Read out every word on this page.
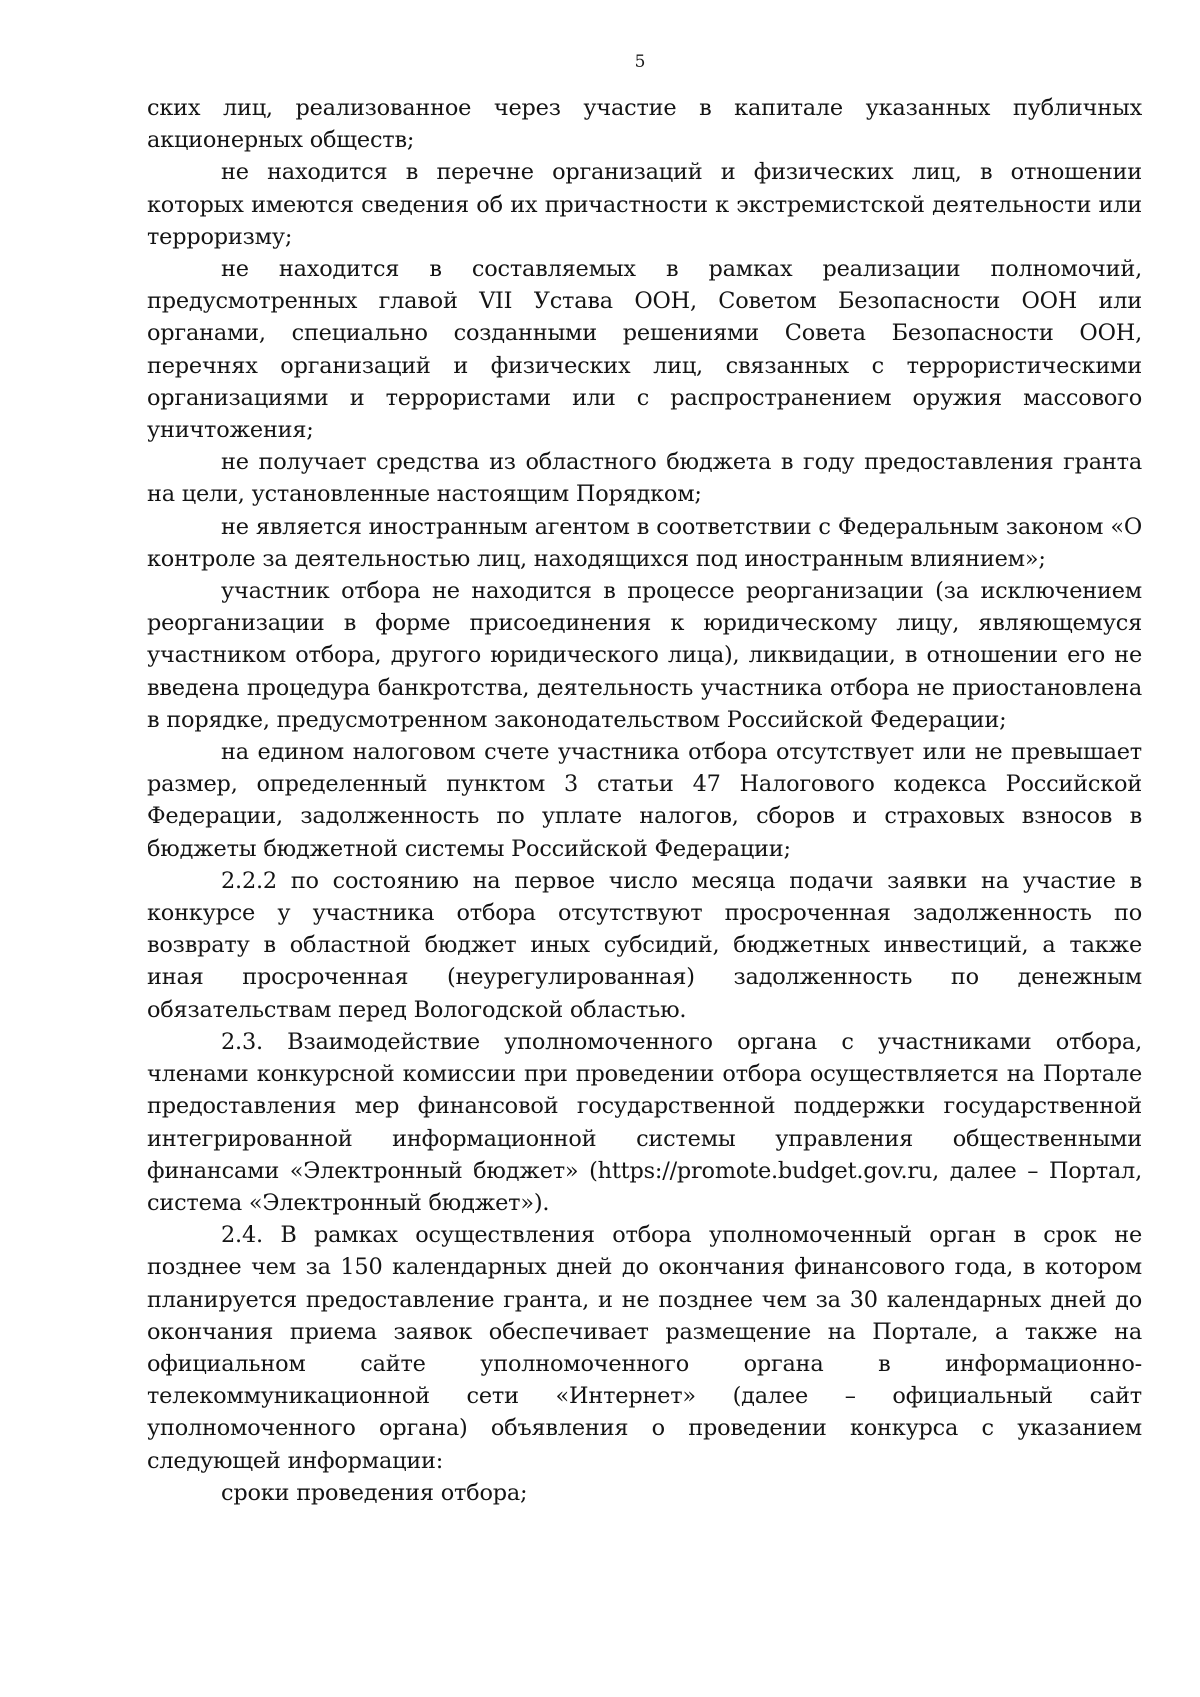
5

ских лиц, реализованное через участие в капитале указанных публичных акционерных обществ;

не находится в перечне организаций и физических лиц, в отношении которых имеются сведения об их причастности к экстремистской деятельности или терроризму;

не находится в составляемых в рамках реализации полномочий, предусмотренных главой VII Устава ООН, Советом Безопасности ООН или органами, специально созданными решениями Совета Безопасности ООН, перечнях организаций и физических лиц, связанных с террористическими организациями и террористами или с распространением оружия массового уничтожения;

не получает средства из областного бюджета в году предоставления гранта на цели, установленные настоящим Порядком;

не является иностранным агентом в соответствии с Федеральным законом «О контроле за деятельностью лиц, находящихся под иностранным влиянием»;

участник отбора не находится в процессе реорганизации (за исключением реорганизации в форме присоединения к юридическому лицу, являющемуся участником отбора, другого юридического лица), ликвидации, в отношении его не введена процедура банкротства, деятельность участника отбора не приостановлена в порядке, предусмотренном законодательством Российской Федерации;

на едином налоговом счете участника отбора отсутствует или не превышает размер, определенный пунктом 3 статьи 47 Налогового кодекса Российской Федерации, задолженность по уплате налогов, сборов и страховых взносов в бюджеты бюджетной системы Российской Федерации;

2.2.2 по состоянию на первое число месяца подачи заявки на участие в конкурсе у участника отбора отсутствуют просроченная задолженность по возврату в областной бюджет иных субсидий, бюджетных инвестиций, а также иная просроченная (неурегулированная) задолженность по денежным обязательствам перед Вологодской областью.

2.3. Взаимодействие уполномоченного органа с участниками отбора, членами конкурсной комиссии при проведении отбора осуществляется на Портале предоставления мер финансовой государственной поддержки государственной интегрированной информационной системы управления общественными финансами «Электронный бюджет» (https://promote.budget.gov.ru, далее – Портал, система «Электронный бюджет»).

2.4. В рамках осуществления отбора уполномоченный орган в срок не позднее чем за 150 календарных дней до окончания финансового года, в котором планируется предоставление гранта, и не позднее чем за 30 календарных дней до окончания приема заявок обеспечивает размещение на Портале, а также на официальном сайте уполномоченного органа в информационно-телекоммуникационной сети «Интернет» (далее – официальный сайт уполномоченного органа) объявления о проведении конкурса с указанием следующей информации:

сроки проведения отбора;
